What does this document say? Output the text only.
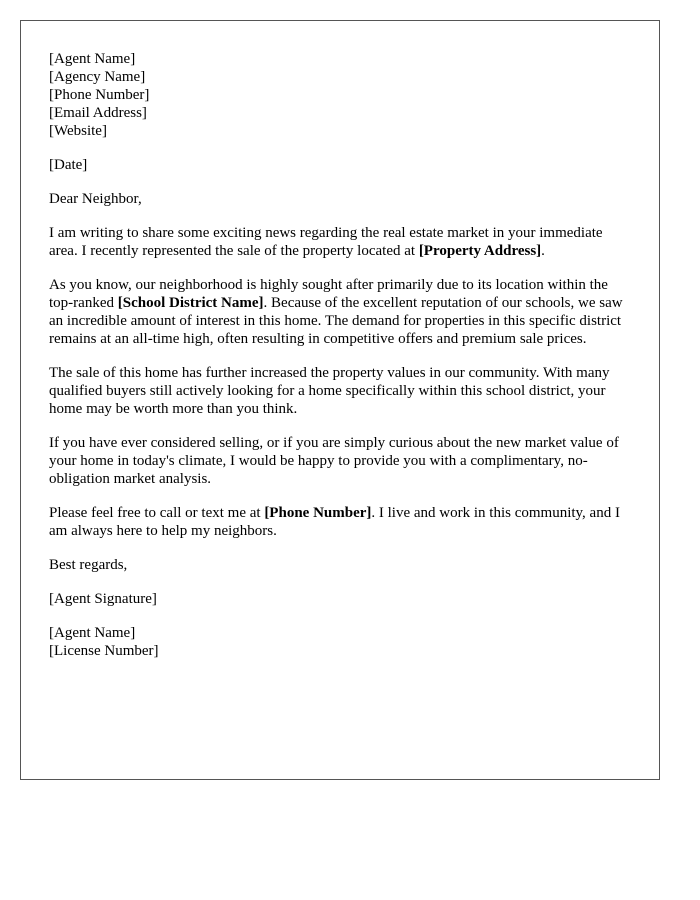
[Agent Name]
[Agency Name]
[Phone Number]
[Email Address]
[Website]
[Date]
Dear Neighbor,

I am writing to share some exciting news regarding the real estate market in your immediate area. I recently represented the sale of the property located at [Property Address].

As you know, our neighborhood is highly sought after primarily due to its location within the top-ranked [School District Name]. Because of the excellent reputation of our schools, we saw an incredible amount of interest in this home. The demand for properties in this specific district remains at an all-time high, often resulting in competitive offers and premium sale prices.

The sale of this home has further increased the property values in our community. With many qualified buyers still actively looking for a home specifically within this school district, your home may be worth more than you think.

If you have ever considered selling, or if you are simply curious about the new market value of your home in today's climate, I would be happy to provide you with a complimentary, no-obligation market analysis.

Please feel free to call or text me at [Phone Number]. I live and work in this community, and I am always here to help my neighbors.

Best regards,
[Agent Signature]
[Agent Name]
[License Number]
